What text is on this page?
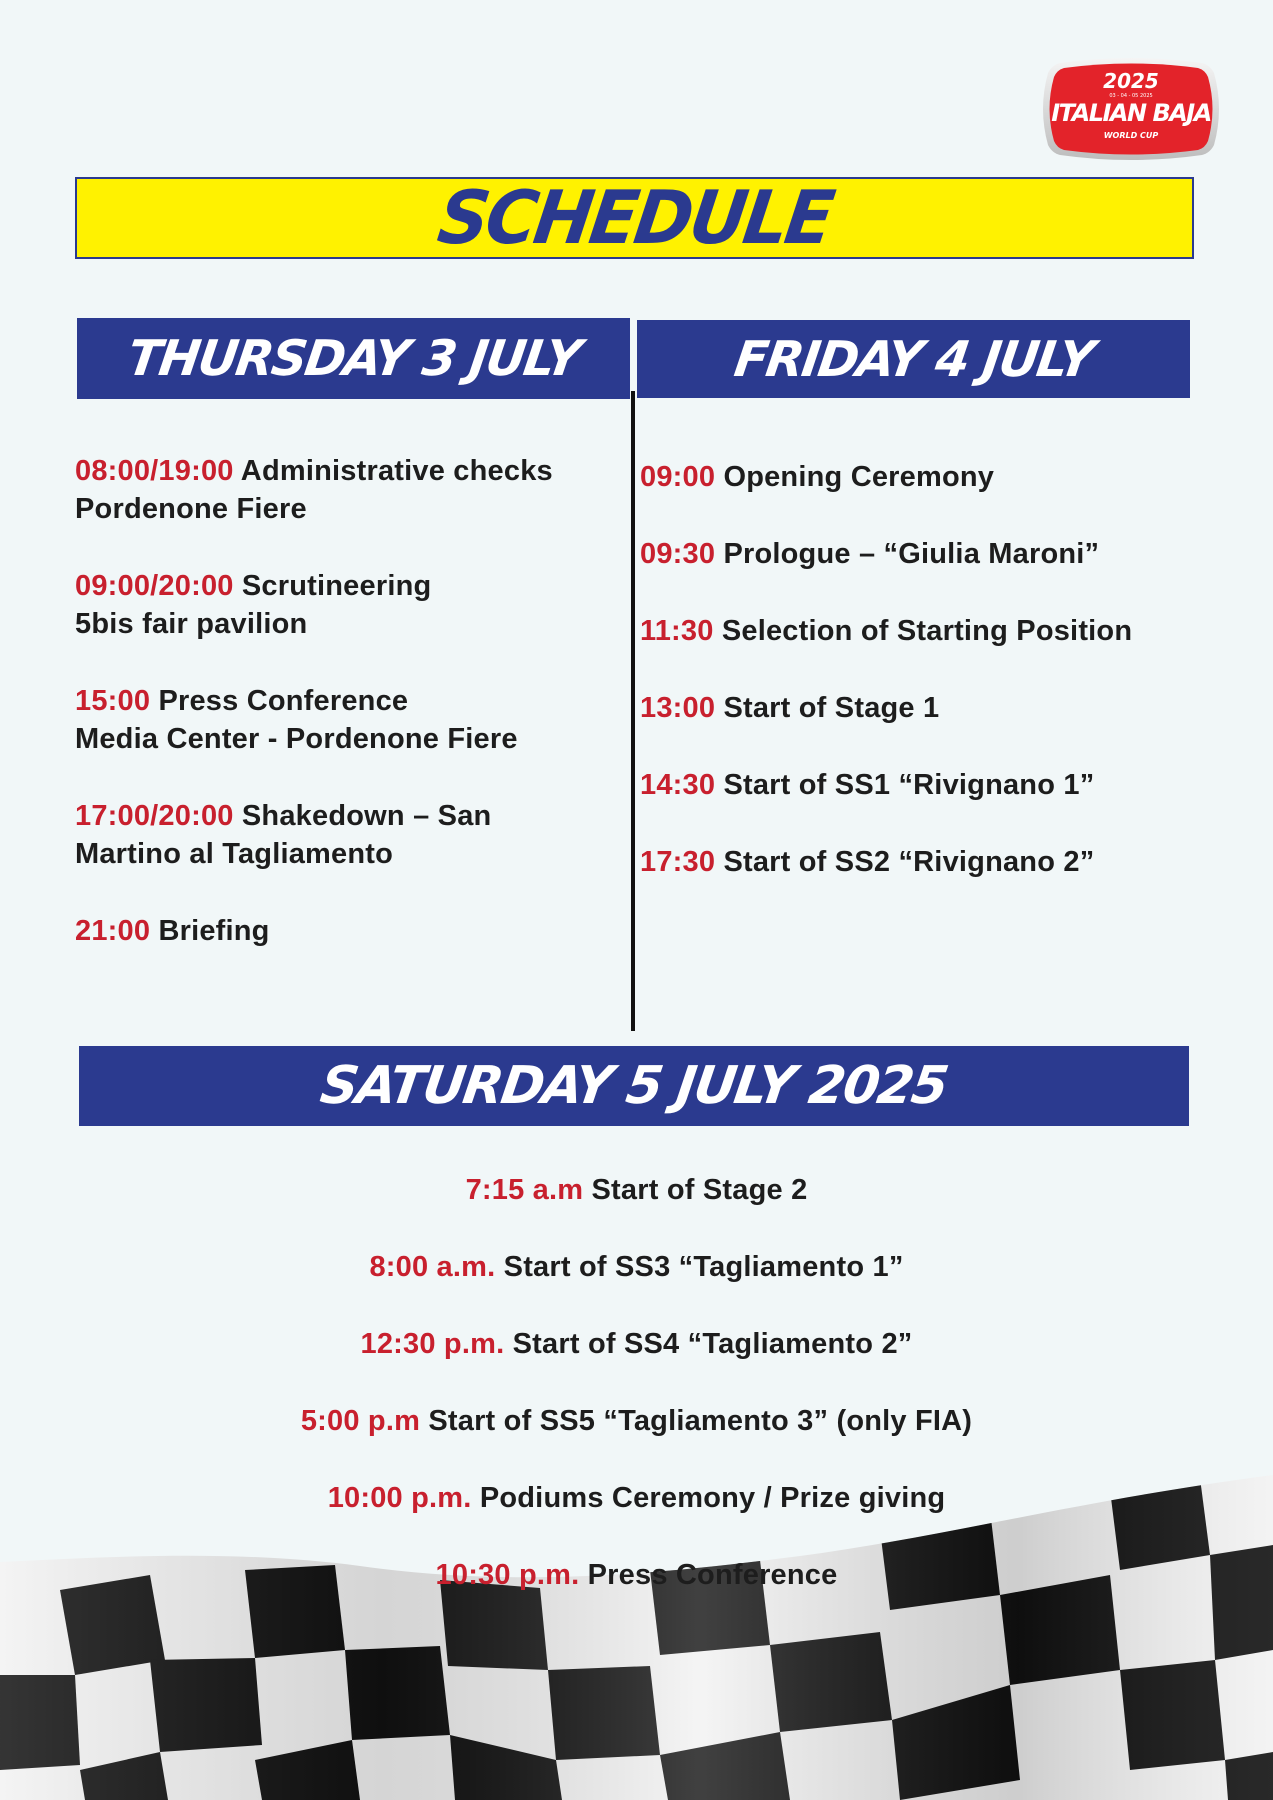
2025
03 - 04 - 05 2025
ITALIAN BAJA
WORLD CUP
SCHEDULE
THURSDAY 3 JULY	FRIDAY 4 JULY

08:00/19:00 Administrative checks
Pordenone Fiere

09:00/20:00 Scrutineering
5bis fair pavilion

15:00 Press Conference
Media Center - Pordenone Fiere

17:00/20:00 Shakedown – San
Martino al Tagliamento

21:00 Briefing

09:00 Opening Ceremony

09:30 Prologue – “Giulia Maroni”

11:30 Selection of Starting Position

13:00 Start of Stage 1

14:30 Start of SS1 “Rivignano 1”

17:30 Start of SS2 “Rivignano 2”

SATURDAY 5 JULY 2025

7:15 a.m Start of Stage 2

8:00 a.m. Start of SS3 “Tagliamento 1”

12:30 p.m. Start of SS4 “Tagliamento 2”

5:00 p.m Start of SS5 “Tagliamento 3” (only FIA)

10:00 p.m. Podiums Ceremony / Prize giving

10:30 p.m. Press Conference
